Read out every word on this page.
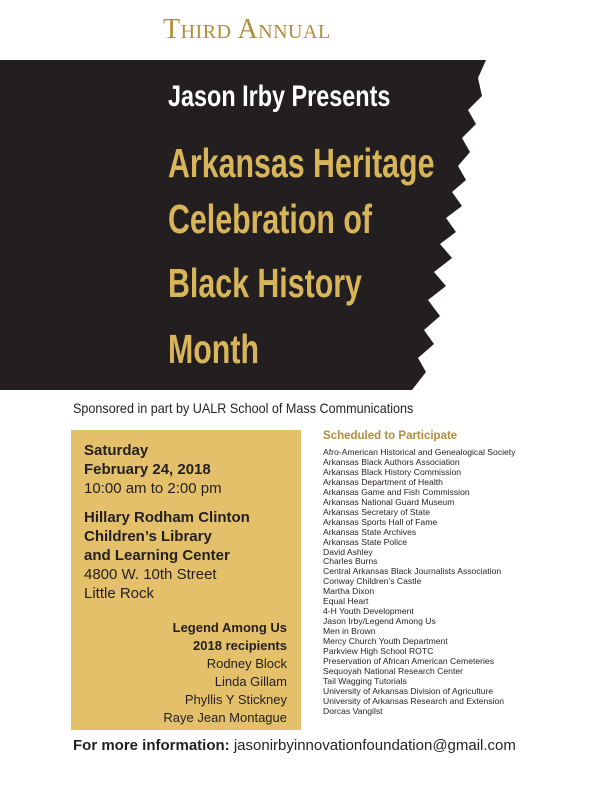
Third Annual
Jason Irby Presents
Arkansas Heritage
Celebration of
Black History
Month
Sponsored in part by UALR School of Mass Communications
Saturday
February 24, 2018
10:00 am to 2:00 pm
Hillary Rodham Clinton
Children’s Library
and Learning Center
4800 W. 10th Street
Little Rock
Legend Among Us
2018 recipients
Rodney Block
Linda Gillam
Phyllis Y Stickney
Raye Jean Montague
Scheduled to Participate
Afro-American Historical and Genealogical Society
Arkansas Black Authors Association
Arkansas Black History Commission
Arkansas Department of Health
Arkansas Game and Fish Commission
Arkansas National Guard Museum
Arkansas Secretary of State
Arkansas Sports Hall of Fame
Arkansas State Archives
Arkansas State Police
David Ashley
Charles Burns
Central Arkansas Black Journalists Association
Conway Children’s Castle
Martha Dixon
Equal Heart
4-H Youth Development
Jason Irby/Legend Among Us
Men in Brown
Mercy Church Youth Department
Parkview High School ROTC
Preservation of African American Cemeteries
Sequoyah National Research Center
Tail Wagging Tutorials
University of Arkansas Division of Agriculture
University of Arkansas Research and Extension
Dorcas Vangilst
For more information: jasonirbyinnovationfoundation@gmail.com
